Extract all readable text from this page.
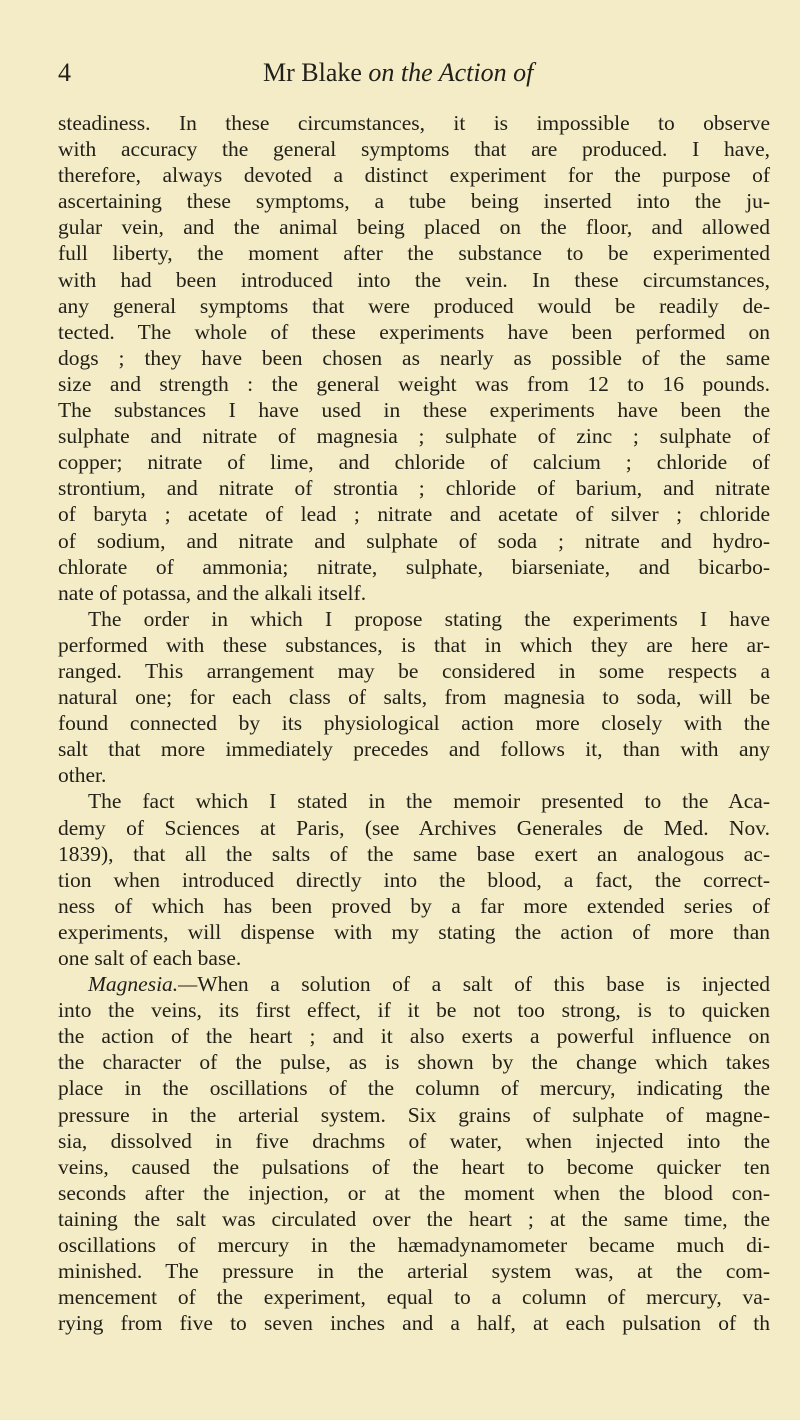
4	Mr Blake on the Action of
steadiness. In these circumstances, it is impossible to observe
with accuracy the general symptoms that are produced. I have,
therefore, always devoted a distinct experiment for the purpose of
ascertaining these symptoms, a tube being inserted into the ju-
gular vein, and the animal being placed on the floor, and allowed
full liberty, the moment after the substance to be experimented
with had been introduced into the vein. In these circumstances,
any general symptoms that were produced would be readily de-
tected. The whole of these experiments have been performed on
dogs ; they have been chosen as nearly as possible of the same
size and strength : the general weight was from 12 to 16 pounds.
The substances I have used in these experiments have been the
sulphate and nitrate of magnesia ; sulphate of zinc ; sulphate of
copper; nitrate of lime, and chloride of calcium ; chloride of
strontium, and nitrate of strontia ; chloride of barium, and nitrate
of baryta ; acetate of lead ; nitrate and acetate of silver ; chloride
of sodium, and nitrate and sulphate of soda ; nitrate and hydro-
chlorate of ammonia; nitrate, sulphate, biarseniate, and bicarbo-
nate of potassa, and the alkali itself.
The order in which I propose stating the experiments I have
performed with these substances, is that in which they are here ar-
ranged. This arrangement may be considered in some respects a
natural one; for each class of salts, from magnesia to soda, will be
found connected by its physiological action more closely with the
salt that more immediately precedes and follows it, than with any
other.
The fact which I stated in the memoir presented to the Aca-
demy of Sciences at Paris, (see Archives Generales de Med. Nov.
1839), that all the salts of the same base exert an analogous ac-
tion when introduced directly into the blood, a fact, the correct-
ness of which has been proved by a far more extended series of
experiments, will dispense with my stating the action of more than
one salt of each base.
Magnesia.—When a solution of a salt of this base is injected
into the veins, its first effect, if it be not too strong, is to quicken
the action of the heart ; and it also exerts a powerful influence on
the character of the pulse, as is shown by the change which takes
place in the oscillations of the column of mercury, indicating the
pressure in the arterial system. Six grains of sulphate of magne-
sia, dissolved in five drachms of water, when injected into the
veins, caused the pulsations of the heart to become quicker ten
seconds after the injection, or at the moment when the blood con-
taining the salt was circulated over the heart ; at the same time, the
oscillations of mercury in the hæmadynamometer became much di-
minished. The pressure in the arterial system was, at the com-
mencement of the experiment, equal to a column of mercury, va-
rying from five to seven inches and a half, at each pulsation of th
